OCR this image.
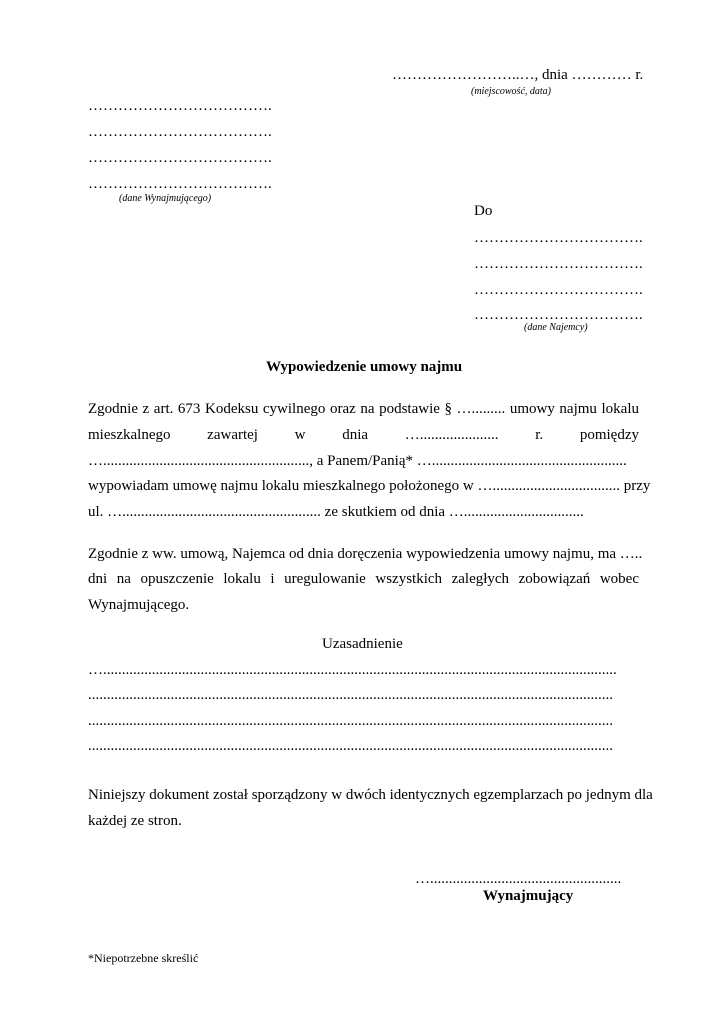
……………………..…, dnia ………… r.
(miejscowość, data)
……………………………….
……………………………….
……………………………….
……………………………….
(dane Wynajmującego)
Do
…………………………….
…………………………….
…………………………….
…………………………….
(dane Najemcy)
Wypowiedzenie umowy najmu
Zgodnie z art. 673 Kodeksu cywilnego oraz na podstawie § …......... umowy najmu lokalu
mieszkalnego zawartej w dnia …..................... r. pomiędzy
…......................................................., a Panem/Panią* …....................................................
wypowiadam umowę najmu lokalu mieszkalnego położonego w ….................................. przy
ul. …..................................................... ze skutkiem od dnia …................................
Zgodnie z ww. umową, Najemca od dnia doręczenia wypowiedzenia umowy najmu, ma …..
dni na opuszczenie lokalu i uregulowanie wszystkich zaległych zobowiązań wobec
Wynajmującego.
Uzasadnienie
….........................................................................................................................................
............................................................................................................................................
............................................................................................................................................
............................................................................................................................................
Niniejszy dokument został sporządzony w dwóch identycznych egzemplarzach po jednym dla
każdej ze stron.
…...................................................
Wynajmujący
*Niepotrzebne skreślić
